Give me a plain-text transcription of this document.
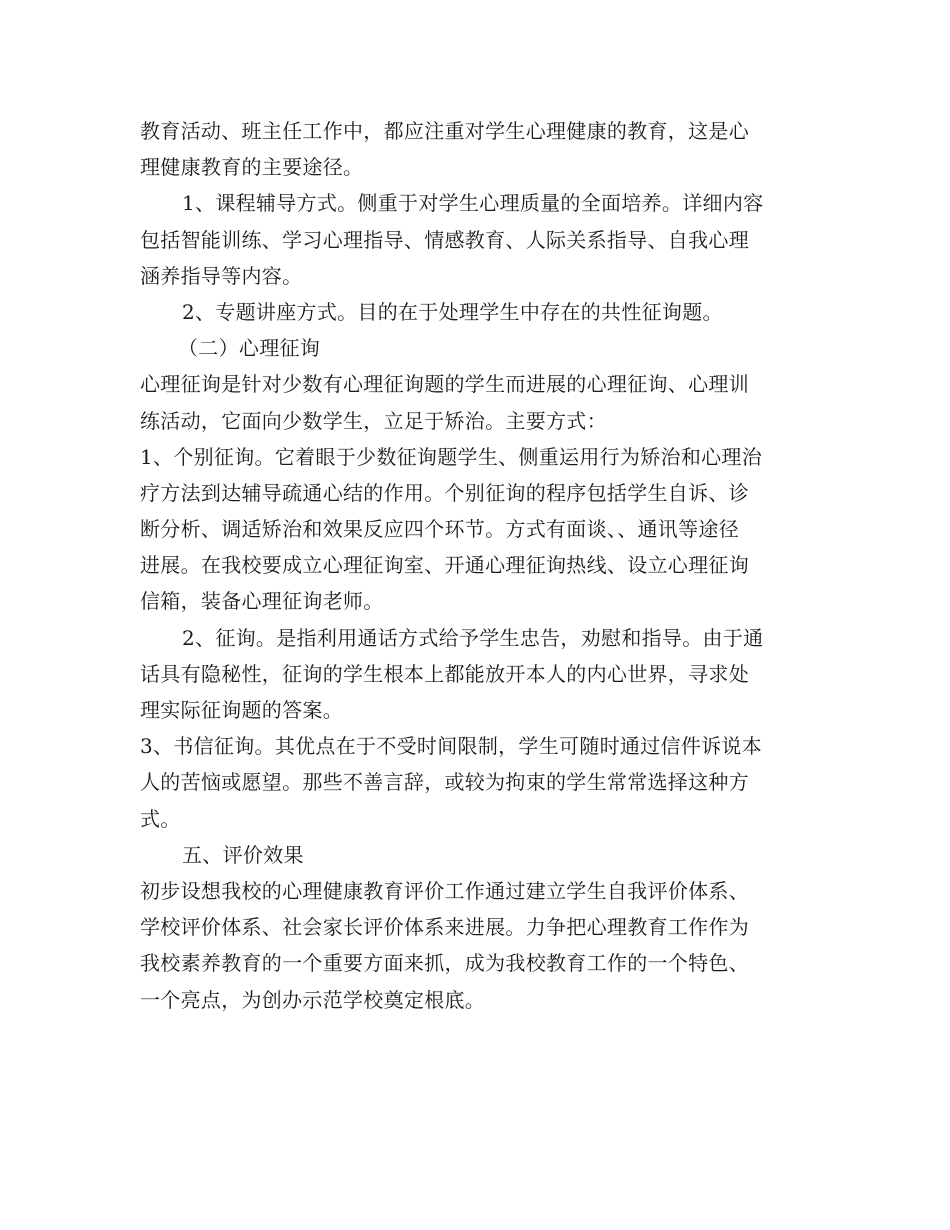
教育活动、班主任工作中，都应注重对学生心理健康的教育，这是心
理健康教育的主要途径。
1、课程辅导方式。侧重于对学生心理质量的全面培养。详细内容
包括智能训练、学习心理指导、情感教育、人际关系指导、自我心理
涵养指导等内容。
2、专题讲座方式。目的在于处理学生中存在的共性征询题。
（二）心理征询
心理征询是针对少数有心理征询题的学生而进展的心理征询、心理训
练活动，它面向少数学生，立足于矫治。主要方式：
1、个别征询。它着眼于少数征询题学生、侧重运用行为矫治和心理治
疗方法到达辅导疏通心结的作用。个别征询的程序包括学生自诉、诊
断分析、调适矫治和效果反应四个环节。方式有面谈、、通讯等途径
进展。在我校要成立心理征询室、开通心理征询热线、设立心理征询
信箱，装备心理征询老师。
2、征询。是指利用通话方式给予学生忠告，劝慰和指导。由于通
话具有隐秘性，征询的学生根本上都能放开本人的内心世界，寻求处
理实际征询题的答案。
3、书信征询。其优点在于不受时间限制，学生可随时通过信件诉说本
人的苦恼或愿望。那些不善言辞，或较为拘束的学生常常选择这种方
式。
五、评价效果
初步设想我校的心理健康教育评价工作通过建立学生自我评价体系、
学校评价体系、社会家长评价体系来进展。力争把心理教育工作作为
我校素养教育的一个重要方面来抓，成为我校教育工作的一个特色、
一个亮点，为创办示范学校奠定根底。
